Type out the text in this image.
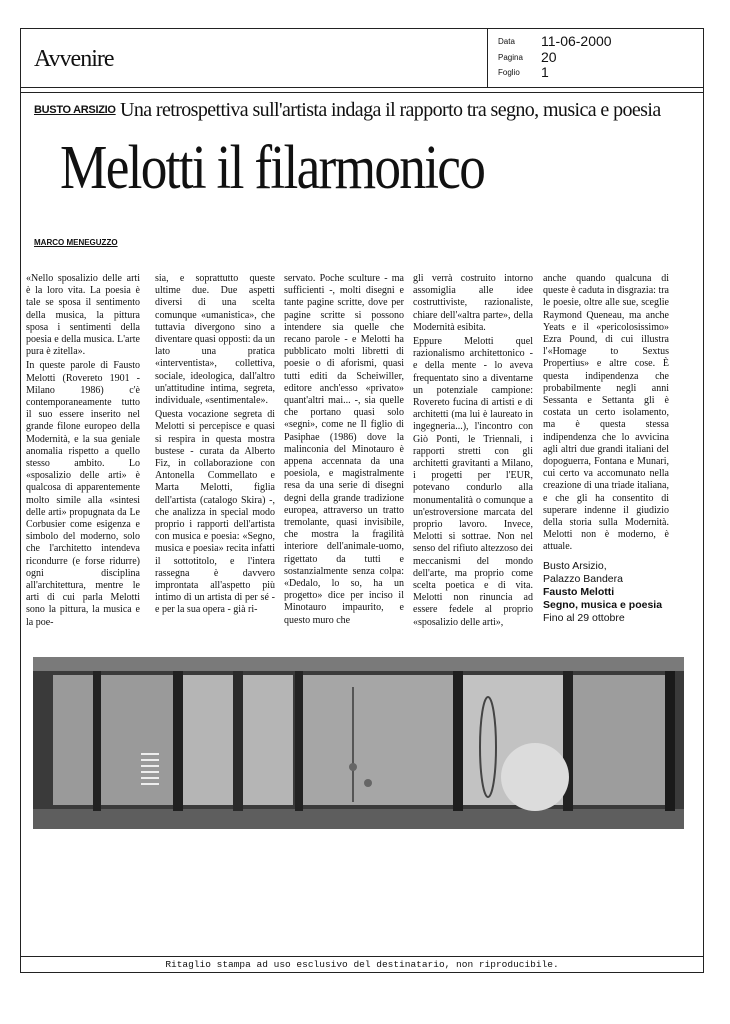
Avvenire
Data 11-06-2000
Pagina 20
Foglio 1
BUSTO ARSIZIO Una retrospettiva sull'artista indaga il rapporto tra segno, musica e poesia
Melotti il filarmonico
MARCO MENEGUZZO

«Nello sposalizio delle arti è la loro vita. La poesia è tale se sposa il sentimento della musica, la pittura sposa i sentimenti della poesia e della musica. L'arte pura è zitella».

In queste parole di Fausto Melotti (Rovereto 1901 - Milano 1986) c'è contemporaneamente tutto il suo essere inserito nel grande filone europeo della Modernità, e la sua geniale anomalia rispetto a quello stesso ambito. Lo «sposalizio delle arti» è qualcosa di apparentemente molto simile alla «sintesi delle arti» propugnata da Le Corbusier come esigenza e simbolo del moderno, solo che l'architetto intendeva ricondurre (e forse ridurre) ogni disciplina all'architettura, mentre le arti di cui parla Melotti sono la pittura, la musica e la poe-

sia, e soprattutto queste ultime due. Due aspetti diversi di una scelta comunque «umanistica», che tuttavia divergono sino a diventare quasi opposti: da un lato una pratica «interventista», collettiva, sociale, ideologica, dall'altro un'attitudine intima, segreta, individuale, «sentimentale».

Questa vocazione segreta di Melotti si percepisce e quasi si respira in questa mostra bustese - curata da Alberto Fiz, in collaborazione con Antonella Commellato e Marta Melotti, figlia dell'artista (catalogo Skira) -, che analizza in special modo proprio i rapporti dell'artista con musica e poesia: «Segno, musica e poesia» recita infatti il sottotitolo, e l'intera rassegna è davvero improntata all'aspetto più intimo di un artista di per sé - e per la sua opera - già ri-

servato. Poche sculture - ma sufficienti -, molti disegni e tante pagine scritte, dove per pagine scritte si possono intendere sia quelle che recano parole - e Melotti ha pubblicato molti libretti di poesie o di aforismi, quasi tutti editi da Scheiwiller, editore anch'esso «privato» quant'altri mai... -, sia quelle che portano quasi solo «segni», come ne Il figlio di Pasiphae (1986) dove la malinconia del Minotauro è appena accennata da una poesiola, e magistralmente resa da una serie di disegni degni della grande tradizione europea, attraverso un tratto tremolante, quasi invisibile, che mostra la fragilità interiore dell'animale-uomo, rigettato da tutti e sostanzialmente senza colpa: «Dedalo, lo so, ha un progetto» dice per inciso il Minotauro impaurito, e questo muro che

gli verrà costruito intorno assomiglia alle idee costruttiviste, razionaliste, chiare dell'«altra parte», della Modernità esibita.

Eppure Melotti quel razionalismo architettonico - e della mente - lo aveva frequentato sino a diventarne un potenziale campione: Rovereto fucina di artisti e di architetti (ma lui è laureato in ingegneria...), l'incontro con Giò Ponti, le Triennali, i rapporti stretti con gli architetti gravitanti a Milano, i progetti per l'EUR, potevano condurlo alla monumentalità o comunque a un'estroversione marcata del proprio lavoro. Invece, Melotti si sottrae. Non nel senso del rifiuto altezzoso dei meccanismi del mondo dell'arte, ma proprio come scelta poetica e di vita. Melotti non rinuncia ad essere fedele al proprio «sposalizio delle arti»,

anche quando qualcuna di queste è caduta in disgrazia: tra le poesie, oltre alle sue, sceglie Raymond Queneau, ma anche Yeats e il «pericolosissimo» Ezra Pound, di cui illustra l'«Homage to Sextus Propertius» e altre cose. È questa indipendenza che probabilmente negli anni Sessanta e Settanta gli è costata un certo isolamento, ma è questa stessa indipendenza che lo avvicina agli altri due grandi italiani del dopoguerra, Fontana e Munari, cui certo va accomunato nella creazione di una triade italiana, e che gli ha consentito di superare indenne il giudizio della storia sulla Modernità. Melotti non è moderno, è attuale.

Busto Arsizio,
Palazzo Bandera
Fausto Melotti
Segno, musica e poesia
Fino al 29 ottobre
Ritaglio stampa ad uso esclusivo del destinatario, non riproducibile.
